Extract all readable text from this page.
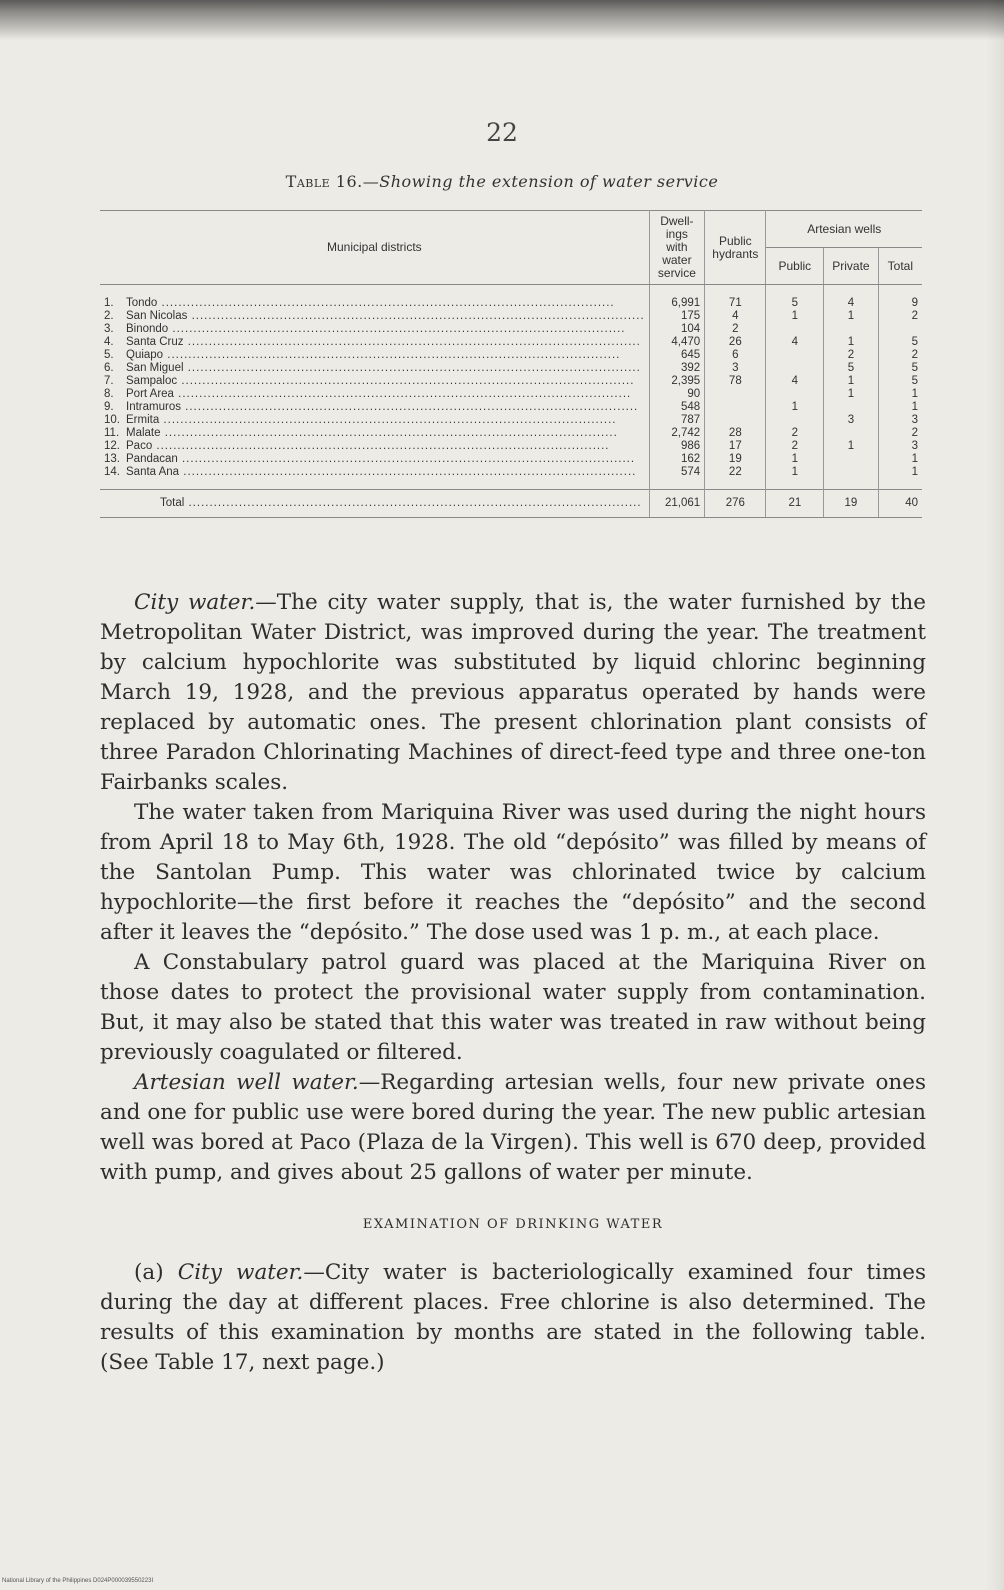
22
Table 16.—Showing the extension of water service
Municipal districts	Dwell-ings with water service	Public hydrants	Artesian wells		
			Public	Private	Total

1. Tondo .....	6,991	71	5	4	9

2. San Nicolas .....	175	4	1	1	2

3. Binondo .....	104	2			

4. Santa Cruz .....	4,470	26	4	1	5

5. Quiapo .....	645	6		2	2

6. San Miguel .....	392	3		5	5

7. Sampaloc .....	2,395	78	4	1	5

8. Port Area .....	90			1	1

9. Intramuros .....	548		1		1

10. Ermita .....	787			3	3

11. Malate .....	2,742	28	2		2

12. Paco .....	986	17	2	1	3

13. Pandacan .....	162	19	1		1

14. Santa Ana .....	574	22	1		1

Total .....	21,061	276	21	19	40

City water.—The city water supply, that is, the water furnished by the Metropolitan Water District, was improved during the year. The treatment by calcium hypochlorite was substituted by liquid chlorinc beginning March 19, 1928, and the previous apparatus operated by hands were replaced by automatic ones. The present chlorination plant consists of three Paradon Chlorinating Machines of direct-feed type and three one-ton Fairbanks scales.

The water taken from Mariquina River was used during the night hours from April 18 to May 6th, 1928. The old “depósito” was filled by means of the Santolan Pump. This water was chlorinated twice by calcium hypochlorite—the first before it reaches the “depósito” and the second after it leaves the “depósito.” The dose used was 1 p. m., at each place.

A Constabulary patrol guard was placed at the Mariquina River on those dates to protect the provisional water supply from contamination. But, it may also be stated that this water was treated in raw without being previously coagulated or filtered.

Artesian well water.—Regarding artesian wells, four new private ones and one for public use were bored during the year. The new public artesian well was bored at Paco (Plaza de la Virgen). This well is 670 deep, provided with pump, and gives about 25 gallons of water per minute.

EXAMINATION OF DRINKING WATER

(a) City water.—City water is bacteriologically examined four times during the day at different places. Free chlorine is also determined. The results of this examination by months are stated in the following table. (See Table 17, next page.)

National Library of the Philippines D024P000039550223I
